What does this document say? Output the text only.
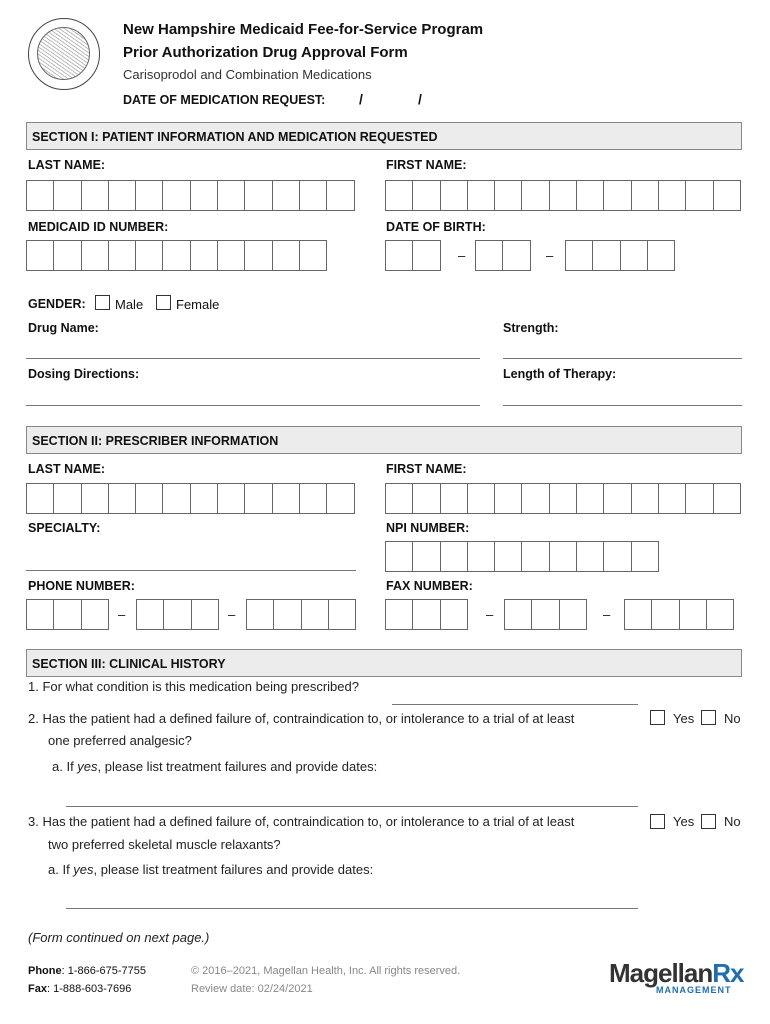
New Hampshire Medicaid Fee-for-Service Program
Prior Authorization Drug Approval Form
Carisoprodol and Combination Medications
DATE OF MEDICATION REQUEST: /	/
SECTION I: PATIENT INFORMATION AND MEDICATION REQUESTED
LAST NAME:	FIRST NAME:
MEDICAID ID NUMBER:	DATE OF BIRTH:
–	–
GENDER: Male	Female
Drug Name:	Strength:
Dosing Directions:	Length of Therapy:
SECTION II: PRESCRIBER INFORMATION
LAST NAME:	FIRST NAME:
SPECIALTY:	NPI NUMBER:
PHONE NUMBER:	FAX NUMBER:
–	–	–	–
SECTION III: CLINICAL HISTORY
1. For what condition is this medication being prescribed?
2. Has the patient had a defined failure of, contraindication to, or intolerance to a trial of at least
one preferred analgesic?
Yes No
a. If yes, please list treatment failures and provide dates:
3. Has the patient had a defined failure of, contraindication to, or intolerance to a trial of at least
two preferred skeletal muscle relaxants?
Yes No
a. If yes, please list treatment failures and provide dates:
(Form continued on next page.)
Phone: 1-866-675-7755
Fax: 1-888-603-7696
© 2016–2021, Magellan Health, Inc. All rights reserved.
Review date: 02/24/2021
MagellanRx
MANAGEMENT
